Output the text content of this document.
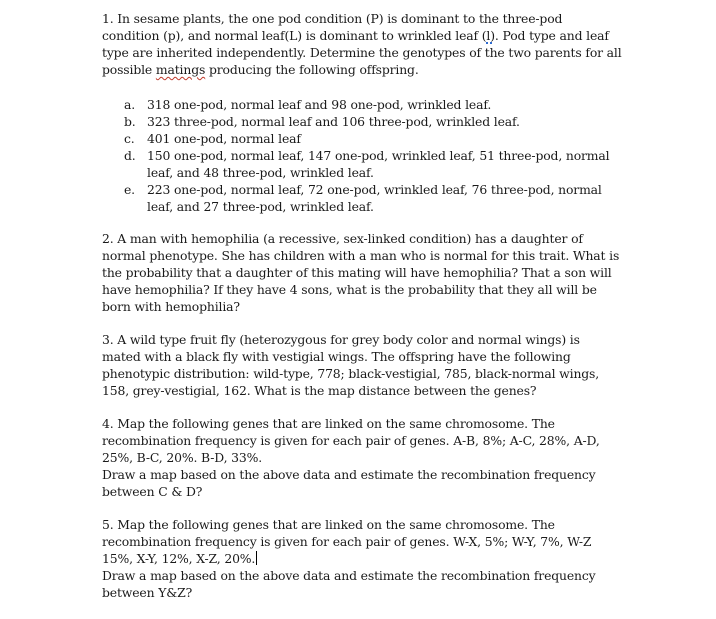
1. In sesame plants, the one pod condition (P) is dominant to the three-pod condition (p), and normal leaf(L) is dominant to wrinkled leaf (l). Pod type and leaf type are inherited independently. Determine the genotypes of the two parents for all possible matings producing the following offspring.

a. 318 one-pod, normal leaf and 98 one-pod, wrinkled leaf.
b. 323 three-pod, normal leaf and 106 three-pod, wrinkled leaf.
c.	401 one-pod, normal leaf
d. 150 one-pod, normal leaf, 147 one-pod, wrinkled leaf, 51 three-pod, normal leaf, and 48 three-pod, wrinkled leaf.
e. 223 one-pod, normal leaf, 72 one-pod, wrinkled leaf, 76 three-pod, normal leaf, and 27 three-pod, wrinkled leaf.

2. A man with hemophilia (a recessive, sex-linked condition) has a daughter of normal phenotype. She has children with a man who is normal for this trait. What is the probability that a daughter of this mating will have hemophilia? That a son will have hemophilia? If they have 4 sons, what is the probability that they all will be born with hemophilia?

3. A wild type fruit fly (heterozygous for grey body color and normal wings) is mated with a black fly with vestigial wings. The offspring have the following phenotypic distribution: wild-type, 778; black-vestigial, 785, black-normal wings, 158, grey-vestigial, 162. What is the map distance between the genes?

4. Map the following genes that are linked on the same chromosome. The recombination frequency is given for each pair of genes. A-B, 8%; A-C, 28%, A-D, 25%, B-C, 20%. B-D, 33%.

Draw a map based on the above data and estimate the recombination frequency between C & D?

5. Map the following genes that are linked on the same chromosome. The recombination frequency is given for each pair of genes. W-X, 5%; W-Y, 7%, W-Z 15%, X-Y, 12%, X-Z, 20%.

Draw a map based on the above data and estimate the recombination frequency between Y&Z?
